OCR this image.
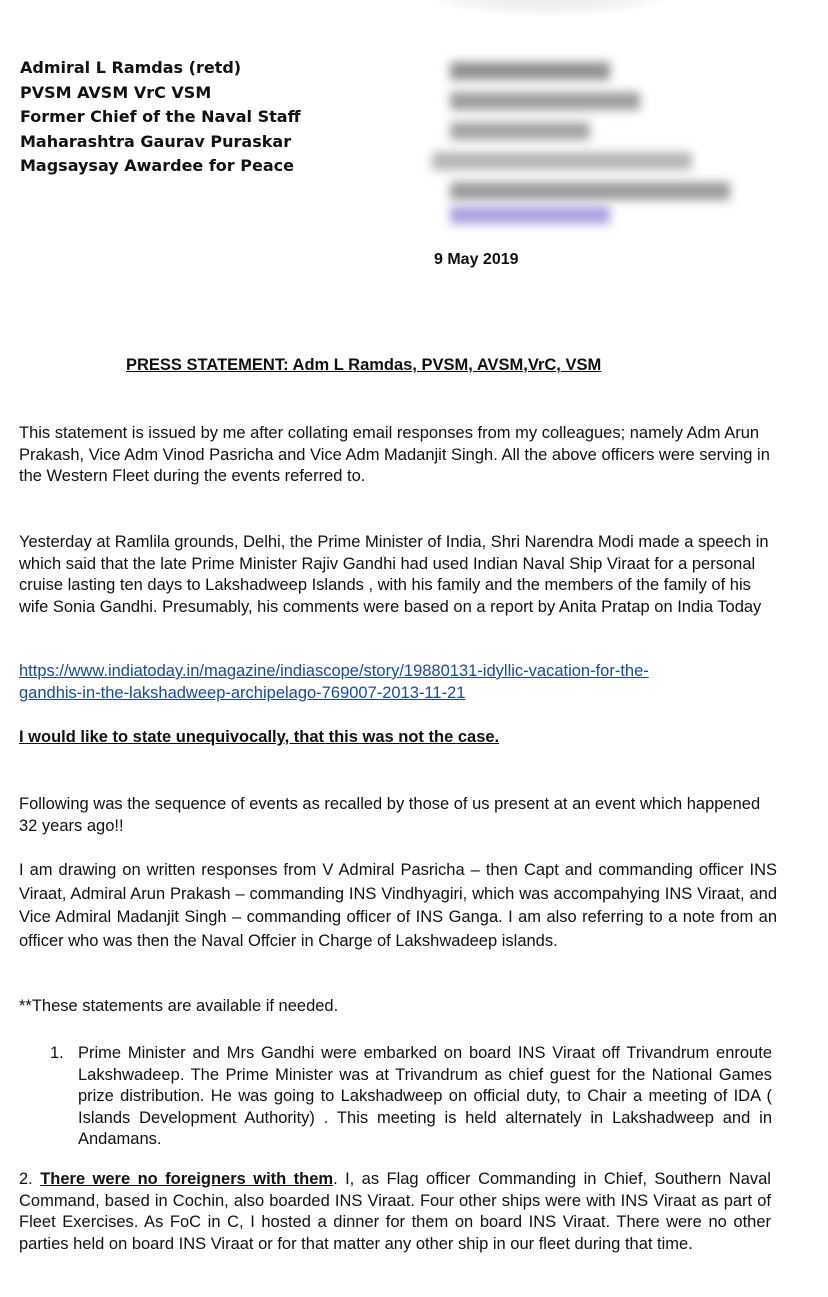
Admiral L Ramdas (retd)
PVSM AVSM VrC VSM
Former Chief of the Naval Staff
Maharashtra Gaurav Puraskar
Magsaysay Awardee for Peace
9 May 2019
PRESS STATEMENT: Adm L Ramdas, PVSM, AVSM,VrC, VSM
This statement is issued by me after collating email responses from my colleagues; namely Adm Arun Prakash, Vice Adm Vinod Pasricha and Vice Adm Madanjit Singh. All the above officers were serving in the Western Fleet during the events referred to.
Yesterday at Ramlila grounds, Delhi, the Prime Minister of India, Shri Narendra Modi made a speech in which said that the late Prime Minister Rajiv Gandhi had used Indian Naval Ship Viraat for a personal cruise lasting ten days to Lakshadweep Islands , with his family and the members of the family of his wife Sonia Gandhi. Presumably, his comments were based on a report by Anita Pratap on India Today
https://www.indiatoday.in/magazine/indiascope/story/19880131-idyllic-vacation-for-the-
gandhis-in-the-lakshadweep-archipelago-769007-2013-11-21
I would like to state unequivocally, that this was not the case.
Following was the sequence of events as recalled by those of us present at an event which happened 32 years ago!!
I am drawing on written responses from V Admiral Pasricha – then Capt and commanding officer INS Viraat, Admiral Arun Prakash – commanding INS Vindhyagiri, which was accompahying INS Viraat, and Vice Admiral Madanjit Singh – commanding officer of INS Ganga. I am also referring to a note from an officer who was then the Naval Offcier in Charge of Lakshwadeep islands.
**These statements are available if needed.
1. Prime Minister and Mrs Gandhi were embarked on board INS Viraat off Trivandrum enroute Lakshwadeep. The Prime Minister was at Trivandrum as chief guest for the National Games prize distribution. He was going to Lakshadweep on official duty, to Chair a meeting of IDA ( Islands Development Authority) . This meeting is held alternately in Lakshadweep and in Andamans.
2. There were no foreigners with them. I, as Flag officer Commanding in Chief, Southern Naval Command, based in Cochin, also boarded INS Viraat. Four other ships were with INS Viraat as part of Fleet Exercises. As FoC in C, I hosted a dinner for them on board INS Viraat. There were no other parties held on board INS Viraat or for that matter any other ship in our fleet during that time.
